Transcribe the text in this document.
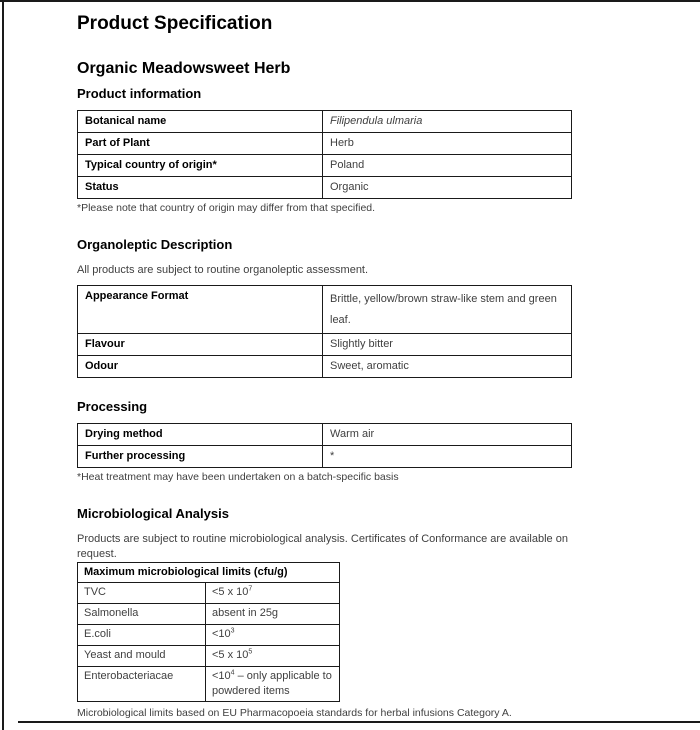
Product Specification
Organic Meadowsweet Herb
Product information
Botanical name	Filipendula ulmaria
Part of Plant	Herb
Typical country of origin*	Poland
Status	Organic
*Please note that country of origin may differ from that specified.
Organoleptic Description
All products are subject to routine organoleptic assessment.
Appearance Format	Brittle, yellow/brown straw-like stem and green
leaf.

Flavour	Slightly bitter
Odour	Sweet, aromatic
Processing
Drying method	Warm air
Further processing	*
*Heat treatment may have been undertaken on a batch-specific basis
Microbiological Analysis
Products are subject to routine microbiological analysis. Certificates of Conformance are available on request.
Maximum microbiological limits (cfu/g)	
TVC	<5 x $10^7$
Salmonella	absent in 25g
E.coli	$<10^3$
Yeast and mould	<5 x $10^5$
Enterobacteriacae	$<10^4$ – only applicable to powdered items
Microbiological limits based on EU Pharmacopoeia standards for herbal infusions Category A.
